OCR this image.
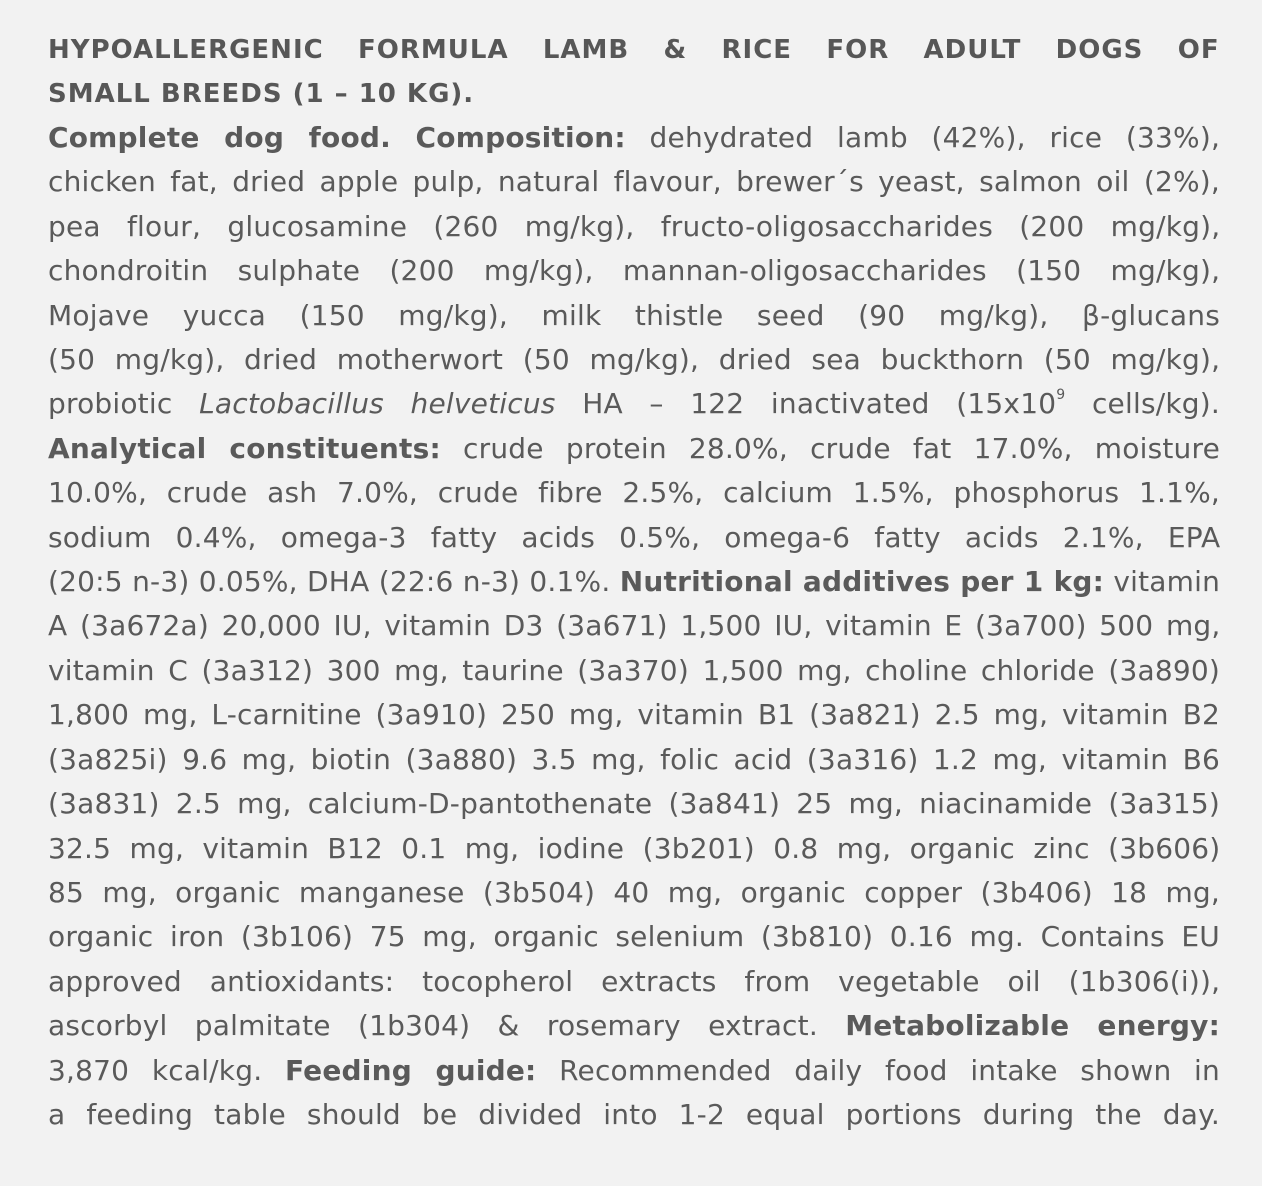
HYPOALLERGENIC FORMULA LAMB & RICE FOR ADULT DOGS OF
SMALL BREEDS (1 – 10 KG).
Complete dog food. Composition: dehydrated lamb (42%), rice (33%),
chicken fat, dried apple pulp, natural flavour, brewer´s yeast, salmon oil (2%),
pea flour, glucosamine (260 mg/kg), fructo-oligosaccharides (200 mg/kg),
chondroitin sulphate (200 mg/kg), mannan-oligosaccharides (150 mg/kg),
Mojave yucca (150 mg/kg), milk thistle seed (90 mg/kg), β-glucans
(50 mg/kg), dried motherwort (50 mg/kg), dried sea buckthorn (50 mg/kg),
probiotic Lactobacillus helveticus HA – 122 inactivated ($15x10^9$ cells/kg).
Analytical constituents: crude protein 28.0%, crude fat 17.0%, moisture
10.0%, crude ash 7.0%, crude fibre 2.5%, calcium 1.5%, phosphorus 1.1%,
sodium 0.4%, omega-3 fatty acids 0.5%, omega-6 fatty acids 2.1%, EPA
(20:5 n-3) 0.05%, DHA (22:6 n-3) 0.1%. Nutritional additives per 1 kg: vitamin
A (3a672a) 20,000 IU, vitamin D3 (3a671) 1,500 IU, vitamin E (3a700) 500 mg,
vitamin C (3a312) 300 mg, taurine (3a370) 1,500 mg, choline chloride (3a890)
1,800 mg, L-carnitine (3a910) 250 mg, vitamin B1 (3a821) 2.5 mg, vitamin B2
(3a825i) 9.6 mg, biotin (3a880) 3.5 mg, folic acid (3a316) 1.2 mg, vitamin B6
(3a831) 2.5 mg, calcium-D-pantothenate (3a841) 25 mg, niacinamide (3a315)
32.5 mg, vitamin B12 0.1 mg, iodine (3b201) 0.8 mg, organic zinc (3b606)
85 mg, organic manganese (3b504) 40 mg, organic copper (3b406) 18 mg,
organic iron (3b106) 75 mg, organic selenium (3b810) 0.16 mg. Contains EU
approved antioxidants: tocopherol extracts from vegetable oil (1b306(i)),
ascorbyl palmitate (1b304) & rosemary extract. Metabolizable energy:
3,870 kcal/kg. Feeding guide: Recommended daily food intake shown in
a feeding table should be divided into 1-2 equal portions during the day.
